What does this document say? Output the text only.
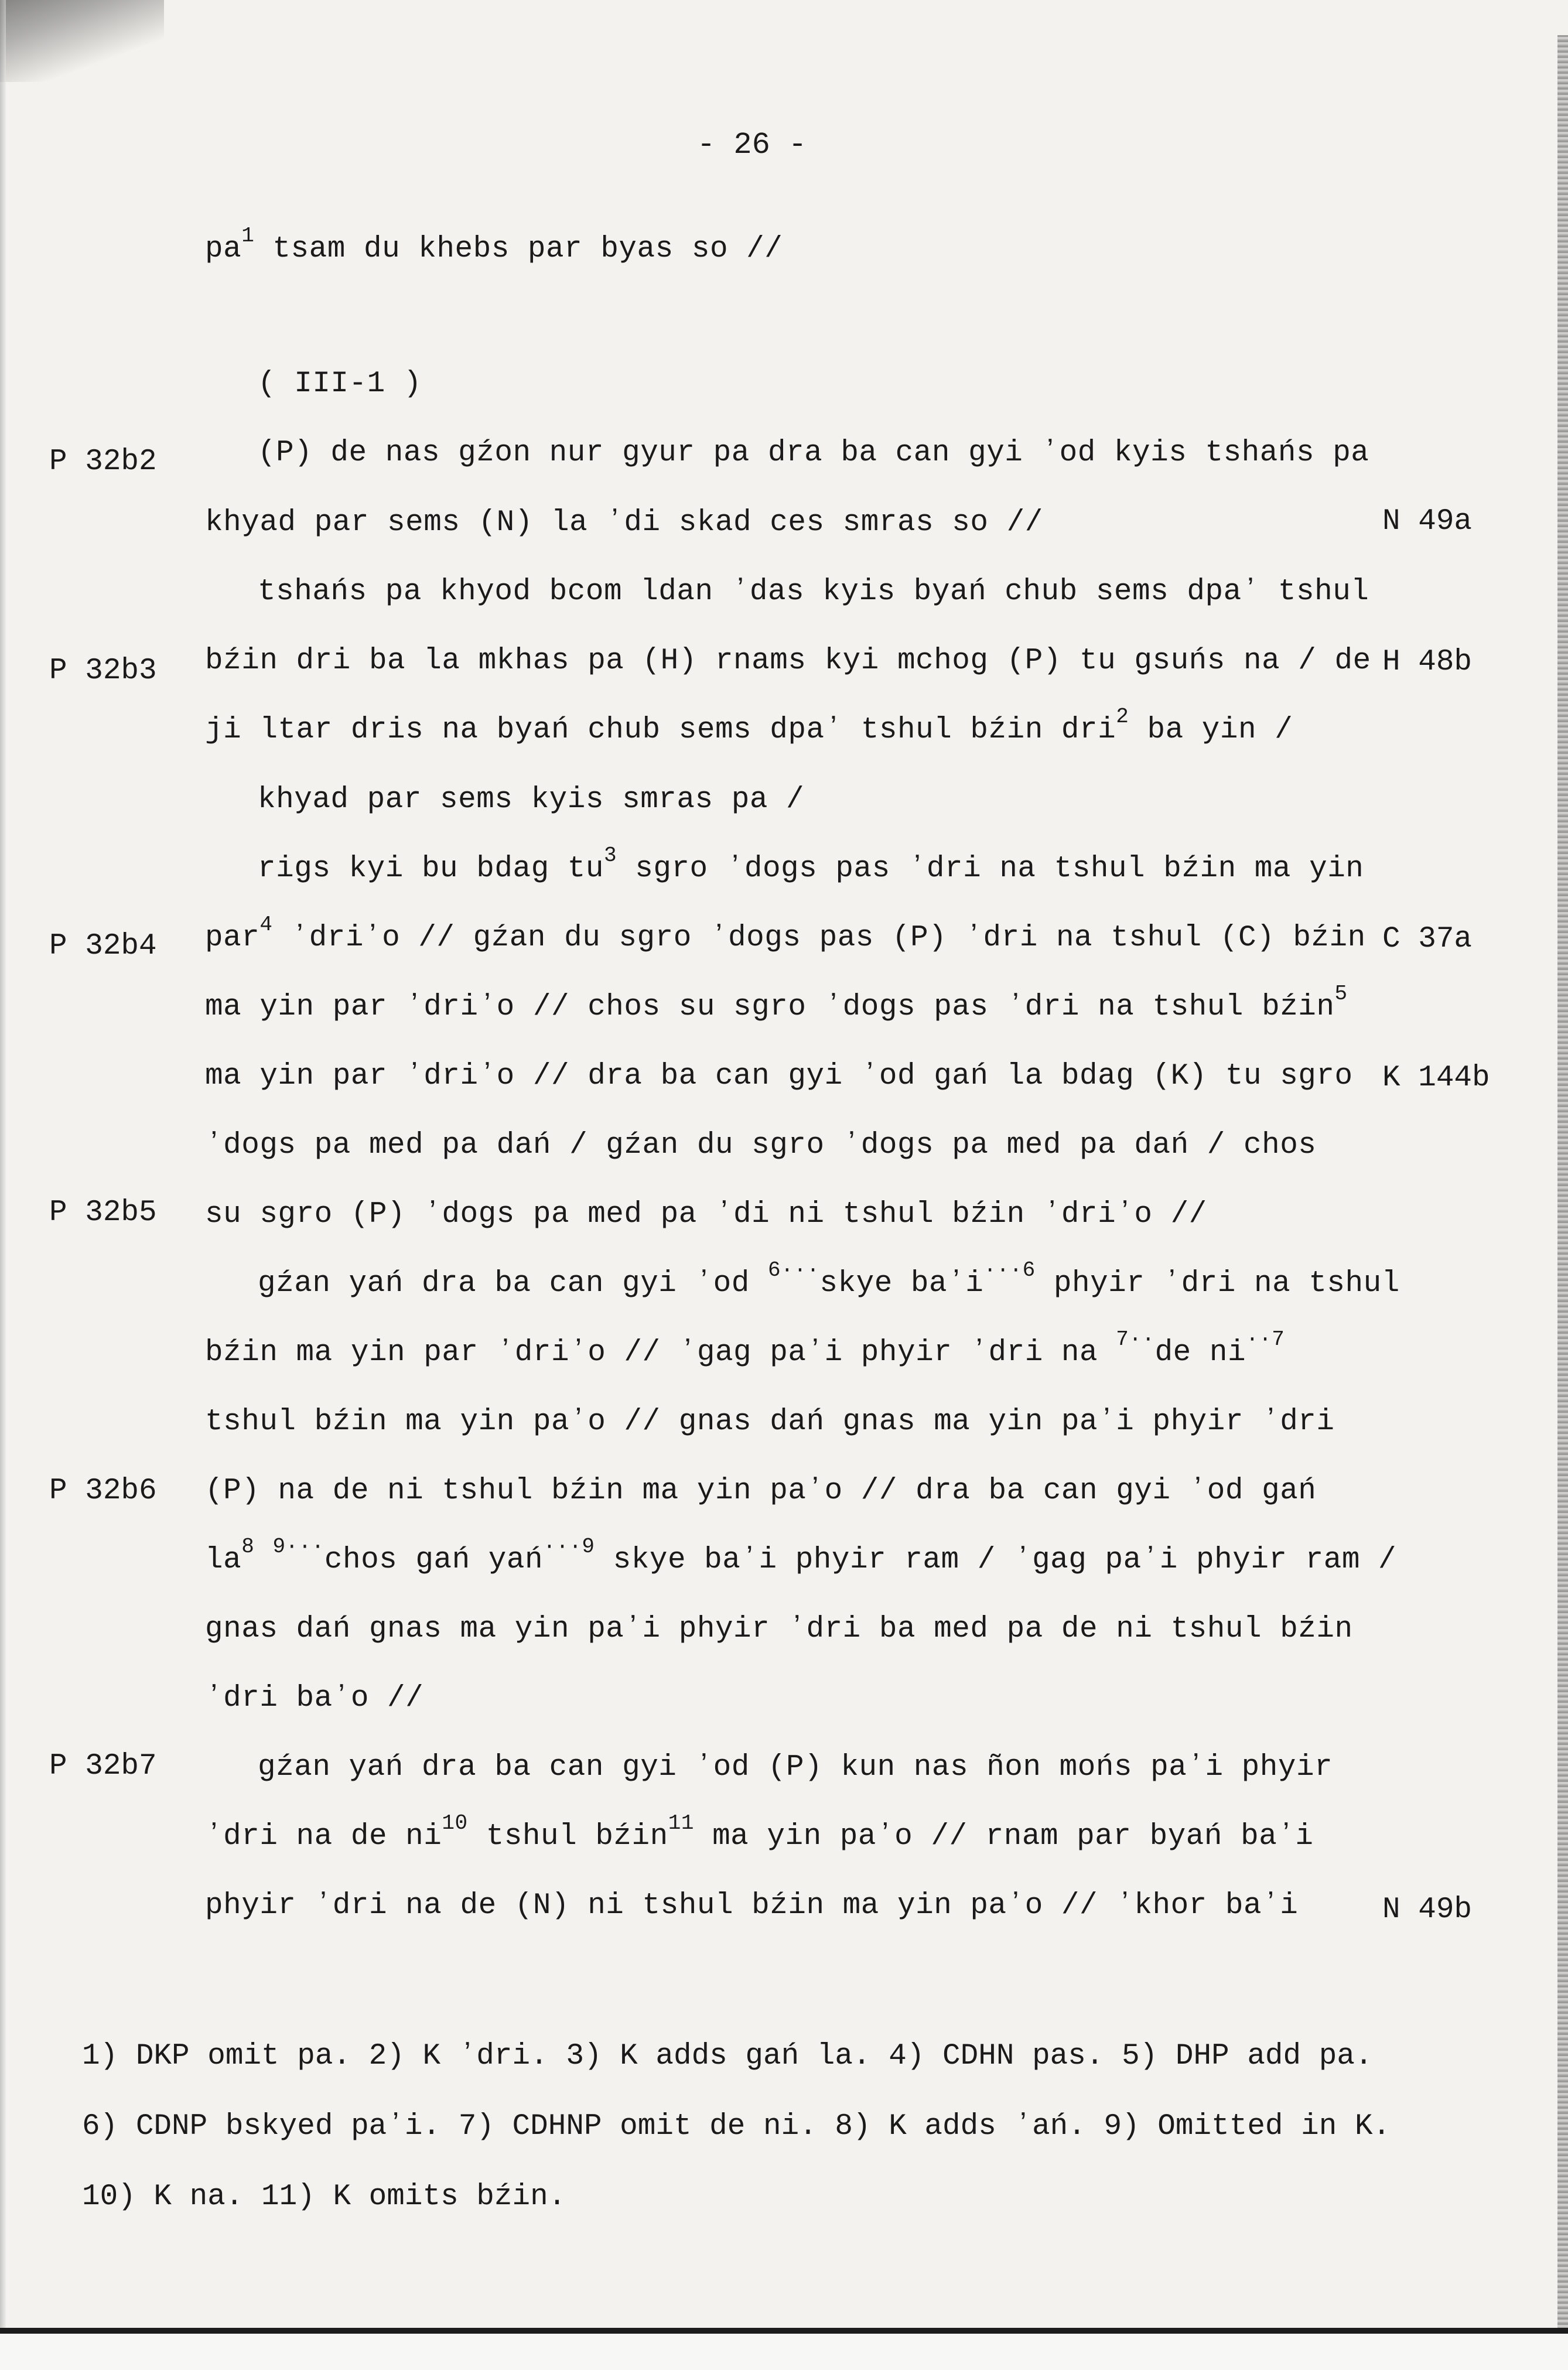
- 26 -
$pa^1$ tsam du khebs par byas so //
(P) de nas gźon nur gyur pa dra ba can gyi ʼod kyis tshańs pa
khyad par sems (N) la ʼdi skad ces smras so //
tshańs pa khyod bcom ldan ʼdas kyis byań chub sems dpaʼ tshul
bźin dri ba la mkhas pa (H) rnams kyi mchog (P) tu gsuńs na / de
ji ltar dris na byań chub sems dpaʼ tshul bźin dri$^2$ ba yin /
khyad par sems kyis smras pa /
rigs kyi bu bdag $tu^3$ sgro ʼdogs pas ʼdri na tshul bźin ma yin
par$^4$ ʼdriʼo // gźan du sgro ʼdogs pas (P) ʼdri na tshul (C) bźin
ma yin par ʼdriʼo // chos su sgro ʼdogs pas ʼdri na tshul bźin$^5$
ma yin par ʼdriʼo // dra ba can gyi ʼod gań la bdag (K) tu sgro
ʼdogs pa med pa dań / gźan du sgro ʼdogs pa med pa dań / chos
su sgro (P) ʼdogs pa med pa ʼdi ni tshul bźin ʼdriʼo //
gźan yań dra ba can gyi ʼod $^{6\cdot\cdot\cdot}$skye baʼi$^{\cdot\cdot\cdot 6}$ phyir ʼdri na tshul
bźin ma yin par ʼdriʼo // ʼgag paʼi phyir ʼdri na $^{7\cdot\cdot}$de $ni^{\cdot\cdot 7}$
tshul bźin ma yin paʼo // gnas dań gnas ma yin paʼi phyir ʼdri
(P) na de ni tshul bźin ma yin paʼo // dra ba can gyi ʼod gań
$la^8$ $^{9\cdot\cdot\cdot}$chos gań yań$^{\cdot\cdot\cdot 9}$ skye baʼi phyir ram / ʼgag paʼi phyir ram /
gnas dań gnas ma yin paʼi phyir ʼdri ba med pa de ni tshul bźin
ʼdri baʼo //
gźan yań dra ba can gyi ʼod (P) kun nas ñon mońs paʼi phyir
ʼdri na de $ni^{10}$ tshul bźin$^{11}$ ma yin paʼo // rnam par byań baʼi
phyir ʼdri na de (N) ni tshul bźin ma yin paʼo // ʼkhor baʼi
( III-1 )
P 32b2
P 32b3
P 32b4
P 32b5
P 32b6
P 32b7
N 49a
H 48b
C 37a
K 144b
N 49b
1) DKP omit pa. 2) K ʼdri. 3) K adds gań la. 4) CDHN pas. 5) DHP add pa.
6) CDNP bskyed paʼi. 7) CDHNP omit de ni. 8) K adds ʼań. 9) Omitted in K.
10) K na. 11) K omits bźin.
